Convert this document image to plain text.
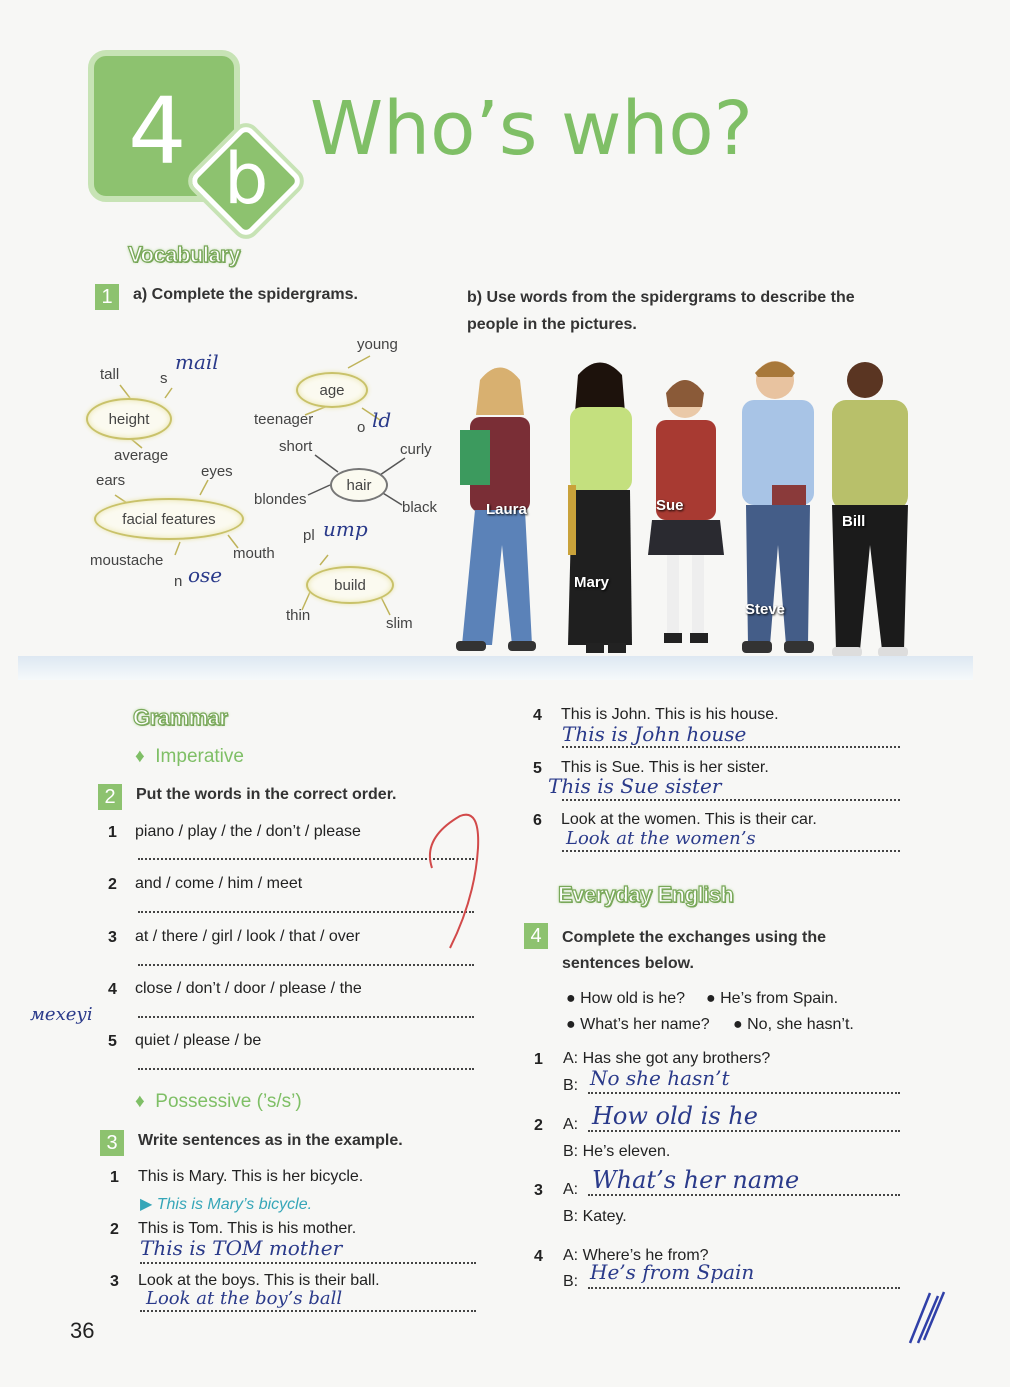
4 b
Who’s who?
Vocabulary
1	a) Complete the spidergrams.	b) Use words from the spidergrams to describe the people in the pictures.
tall
height
average
s
mail
young
age
teenager	o ld
short	curly
hair
blondes	black
ears
eyes
facial features
moustache	mouth
n ose
pl ump
build
thin	slim
Laura
Mary
Sue
Steve
Bill
Grammar
♦  Imperative
2	Put the words in the correct order.
1 piano / play / the / don’t / please
2 and / come / him / meet
3 at / there / girl / look / that / over
4 close / don’t / door / please / the
5 quiet / please / be
мехеуі
♦  Possessive (’s/s’)
3	Write sentences as in the example.
1 This is Mary. This is her bicycle.
▶ This is Mary’s bicycle.
2 This is Tom. This is his mother.
This is TOM mother
3 Look at the boys. This is their ball.
Look at the boy’s ball
4 This is John. This is his house.
This is John house
5 This is Sue. This is her sister.
This is Sue sister
6 Look at the women. This is their car.
Look at the women’s
Everyday English
4	Complete the exchanges using the sentences below.
● How old is he? ● He’s from Spain.
● What’s her name? ● No, she hasn’t.
1 A: Has she got any brothers?
B: No she hasn’t
2 A: How old is he
B: He’s eleven.
3 A: What’s her name
B: Katey.
4 A: Where’s he from?
B: He’s from Spain
36
